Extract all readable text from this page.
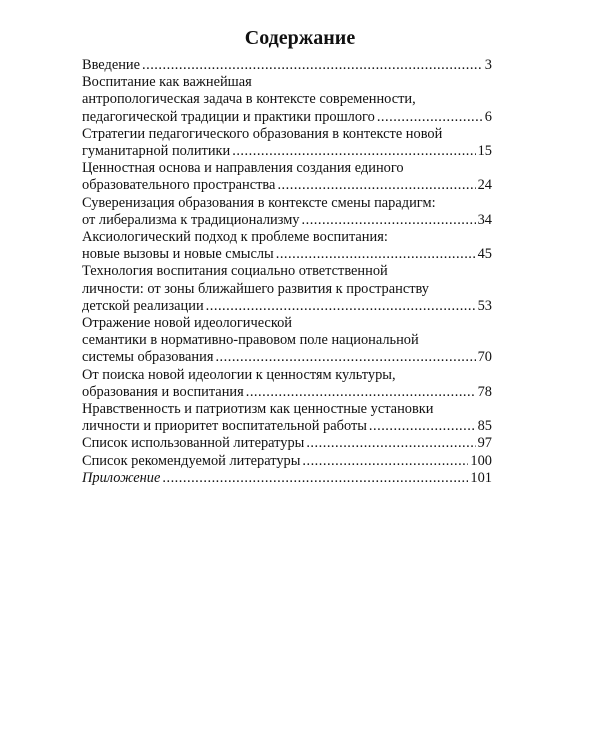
Содержание
Введение .....	3
Воспитание как важнейшая
антропологическая задача в контексте современности,
педагогической традиции и практики прошлого .....	6
Стратегии педагогического образования в контексте новой
гуманитарной политики .....	15
Ценностная основа и направления создания единого
образовательного пространства .....	24
Суверенизация образования в контексте смены парадигм:
от либерализма к традиционализму .....	34
Аксиологический подход к проблеме воспитания:
новые вызовы и новые смыслы .....	45
Технология воспитания социально ответственной
личности: от зоны ближайшего развития к пространству
детской реализации .....	53
Отражение новой идеологической
семантики в нормативно-правовом поле национальной
системы образования .....	70
От поиска новой идеологии к ценностям культуры,
образования и воспитания .....	78
Нравственность и патриотизм как ценностные установки
личности и приоритет воспитательной работы .....	85
Список использованной литературы .....	97
Список рекомендуемой литературы .....	100
Приложение .....	101
